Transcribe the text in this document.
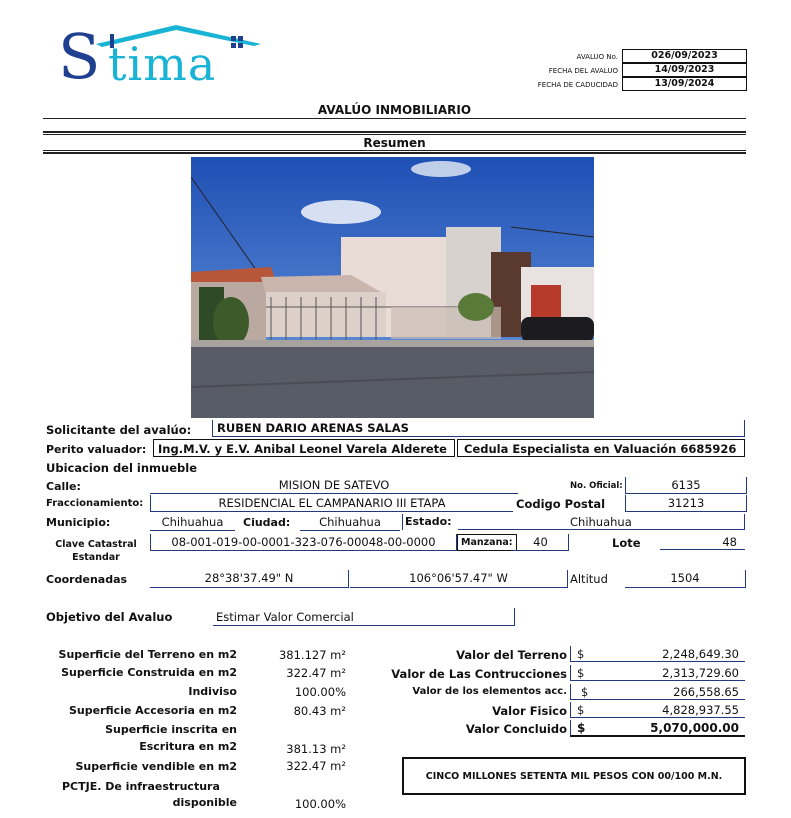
S tima	AVALUO No.	026/09/2023
FECHA DEL AVALUO	14/09/2023
FECHA DE CADUCIDAD	13/09/2024
AVALÚO INMOBILIARIO
Resumen
Solicitante del avalúo:	RUBEN DARIO ARENAS SALAS
Perito valuador:	Ing.M.V. y E.V. Anibal Leonel Varela Alderete	Cedula Especialista en Valuación 6685926
Ubicacion del inmueble
Calle:	MISION DE SATEVO	No. Oficial:	6135
Fraccionamiento:	RESIDENCIAL EL CAMPANARIO III ETAPA	Codigo Postal	31213
Municipio:	Chihuahua	Ciudad:	Chihuahua	Estado:	Chihuahua
Clave Catastral Estandar
08-001-019-00-0001-323-076-00048-00-0000	Manzana:	40	Lote	48
Coordenadas	28°38'37.49" N	106°06'57.47" W	Altitud	1504
Objetivo del Avaluo	Estimar Valor Comercial
Superficie del Terreno en m2	381.127 m²
Superficie Construida en m2	322.47 m²
Indiviso	100.00%
Superficie Accesoria en m2	80.43 m²
Superficie inscrita en
Escritura en m2	381.13 m²
Superficie vendible en m2	322.47 m²
PCTJE. De infraestructura
disponible	100.00%
Valor del Terreno $	2,248,649.30
Valor de Las Contrucciones $	2,313,729.60
Valor de los elementos acc.	$	266,558.65
Valor Fisico $	4,828,937.55
Valor Concluido $	5,070,000.00
CINCO MILLONES SETENTA MIL PESOS CON 00/100 M.N.
